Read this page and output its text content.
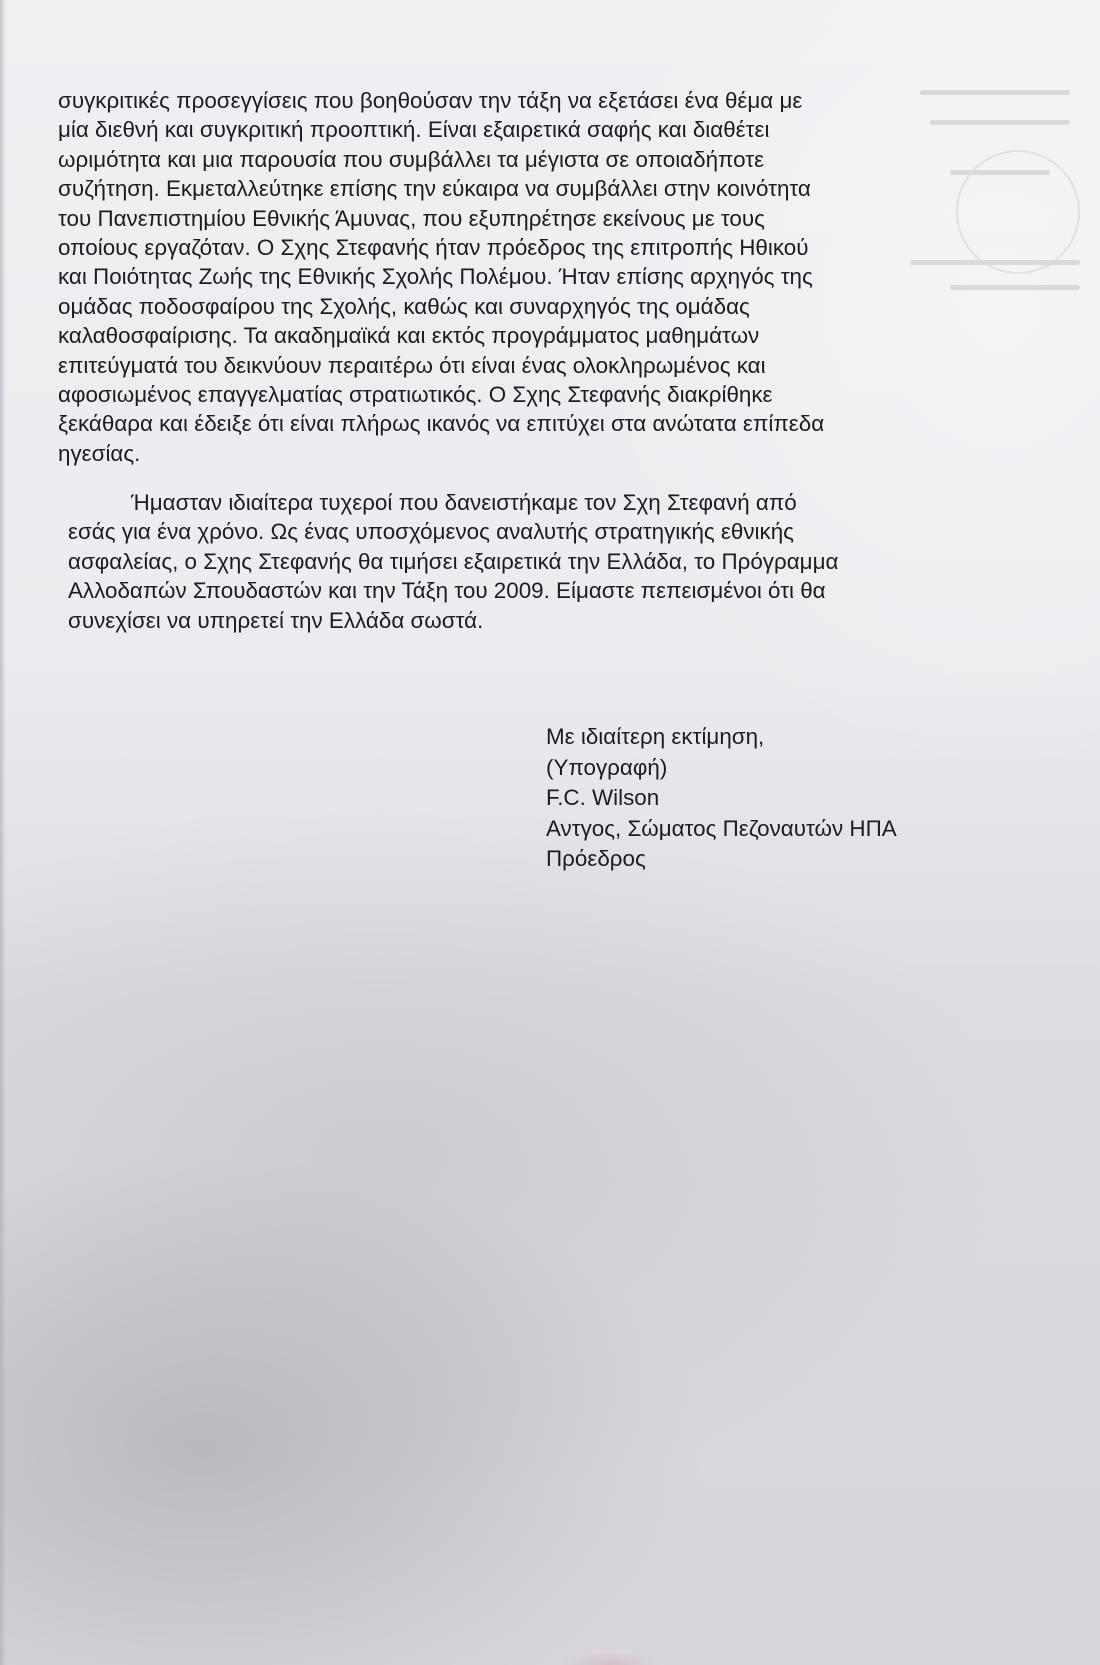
συγκριτικές προσεγγίσεις που βοηθούσαν την τάξη να εξετάσει ένα θέμα με
μία διεθνή και συγκριτική προοπτική. Είναι εξαιρετικά σαφής και διαθέτει
ωριμότητα και μια παρουσία που συμβάλλει τα μέγιστα σε οποιαδήποτε
συζήτηση. Εκμεταλλεύτηκε επίσης την εύκαιρα να συμβάλλει στην κοινότητα
του Πανεπιστημίου Εθνικής Άμυνας, που εξυπηρέτησε εκείνους με τους
οποίους εργαζόταν. Ο Σχης Στεφανής ήταν πρόεδρος της επιτροπής Ηθικού
και Ποιότητας Ζωής της Εθνικής Σχολής Πολέμου. Ήταν επίσης αρχηγός της
ομάδας ποδοσφαίρου της Σχολής, καθώς και συναρχηγός της ομάδας
καλαθοσφαίρισης. Τα ακαδημαϊκά και εκτός προγράμματος μαθημάτων
επιτεύγματά του δεικνύουν περαιτέρω ότι είναι ένας ολοκληρωμένος και
αφοσιωμένος επαγγελματίας στρατιωτικός. Ο Σχης Στεφανής διακρίθηκε
ξεκάθαρα και έδειξε ότι είναι πλήρως ικανός να επιτύχει στα ανώτατα επίπεδα
ηγεσίας.
Ήμασταν ιδιαίτερα τυχεροί που δανειστήκαμε τον Σχη Στεφανή από
εσάς για ένα χρόνο. Ως ένας υποσχόμενος αναλυτής στρατηγικής εθνικής
ασφαλείας, ο Σχης Στεφανής θα τιμήσει εξαιρετικά την Ελλάδα, το Πρόγραμμα
Αλλοδαπών Σπουδαστών και την Τάξη του 2009. Είμαστε πεπεισμένοι ότι θα
συνεχίσει να υπηρετεί την Ελλάδα σωστά.
Με ιδιαίτερη εκτίμηση,
(Υπογραφή)
F.C. Wilson
Αντγος, Σώματος Πεζοναυτών ΗΠΑ
Πρόεδρος
